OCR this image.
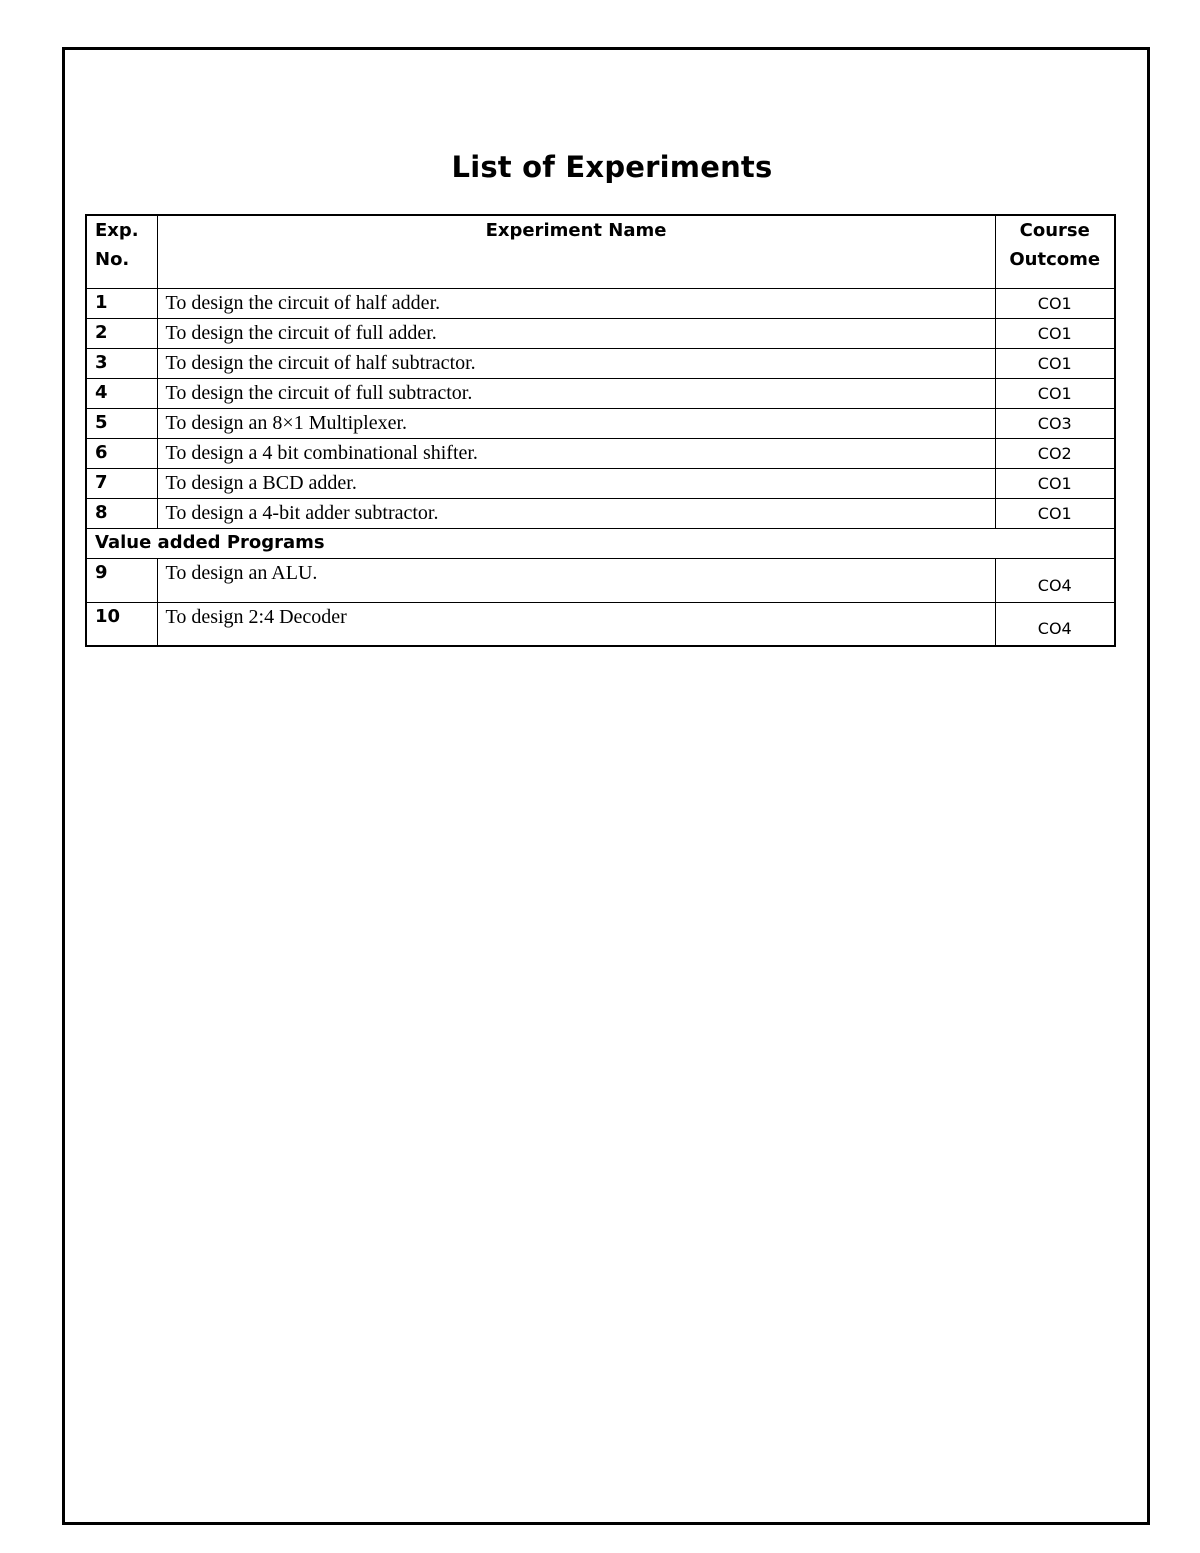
List of Experiments
Exp. No.	Experiment Name	Course Outcome
1	To design the circuit of half adder.	CO1
2	To design the circuit of full adder.	CO1
3	To design the circuit of half subtractor.	CO1
4	To design the circuit of full subtractor.	CO1
5	To design an 8×1 Multiplexer.	CO3
6	To design a 4 bit combinational shifter.	CO2
7	To design a BCD adder.	CO1
8	To design a 4-bit adder subtractor.	CO1
Value added Programs		
9	To design an ALU.	CO4
10	To design 2:4 Decoder	CO4
